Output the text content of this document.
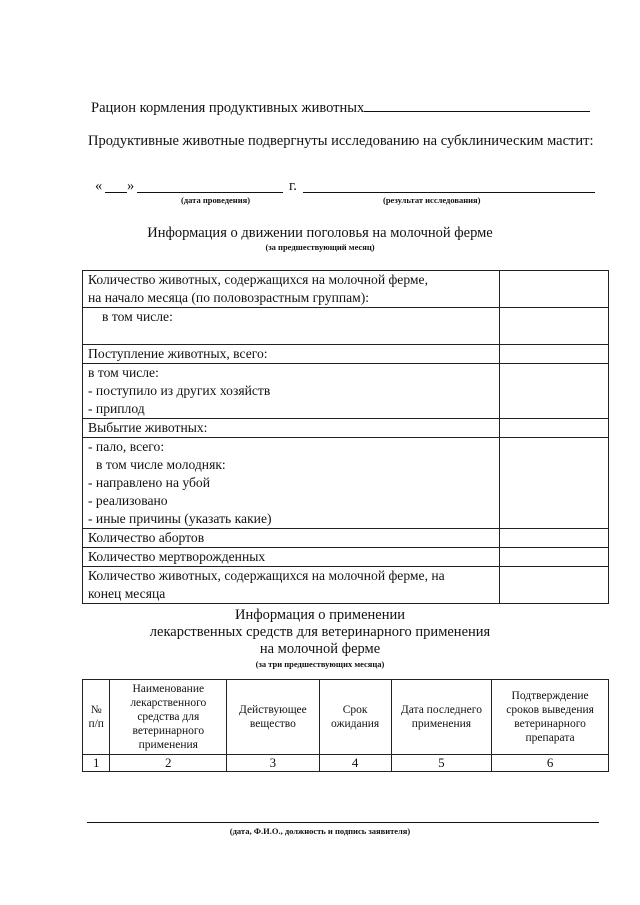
Рацион кормления продуктивных животных
Продуктивные животные подвергнуты исследованию на субклиническим мастит:
« »	г.
(дата проведения)	(результат исследования)
Информация о движении поголовья на молочной ферме
(за предшествующий месяц)
Количество животных, содержащихся на молочной ферме,
на начало месяца (по половозрастным группам):	

в том числе:	

Поступление животных, всего:	

в том числе:
- поступило из других хозяйств
- приплод	

Выбытие животных:	

- пало, всего:
в том числе молодняк:
- направлено на убой
- реализовано
- иные причины (указать какие)	

Количество абортов	

Количество мертворожденных	

Количество животных, содержащихся на молочной ферме, на
конец месяца	

Информация о применении
лекарственных средств для ветеринарного применения
на молочной ферме
(за три предшествующих месяца)
№ п/п	Наименование лекарственного средства для ветеринарного применения	Действующее вещество	Срок ожидания	Дата последнего применения	Подтверждение сроков выведения ветеринарного препарата
1	2	3	4	5	6
(дата, Ф.И.О., должность и подпись заявителя)
